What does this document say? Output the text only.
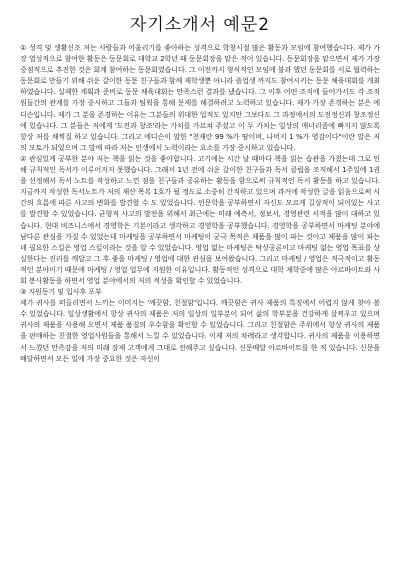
자기소개서 예문2

① 성격 및 생활신조 저는 사람들과 어울리기를 좋아하는 성격으로 학창시절 많은 활동과 모임에 참여했습니다. 제가 가장 열성적으로 참여한 활동은 동문회로 대학교 2학년 때 동문회장을 맡은 적이 있습니다. 동문회장을 맡으면서 제가 가장 중점적으로 추진한 것은 회계 참여하는 동문회였습니다. 그 이전까지 형식적인 모임에 불과 했던 동문회를 서로 협력하는 동문회로 만들기 위해 쉬운 갈이한 동문 친구들과 함께 재학생뿐 아니라 졸업생 까지도 참여시키는 동문 체육대회를 개최하였습니다. 실제한 계획과 준비로 동문 체육대회는 만족스런 결과를 냈습니다. 그 이후 어떤 조직에 들어가서도 각 조직원들간의 관계를 가장 중시하고 그들과 팀웍을 통해 문제를 해결하려고 노력하고 있습니다. 제가 가장 존경하는 분은 에디슨입니다. 제가 그 분을 존경하는 이유는 그분들의 위대한 업적도 있지만 그보다도 그 과정에서의 도전정신과 창조정신에 있습니다. 그 분들은 저에게 '도전과 창조'라는 가치를 가르쳐 주셨고 이 두 가치는 일상의 매너리즘에 빠지지 않도록 항상 저를 채찍질 하고 있습니다. 그리고 에디슨이 말한 "천재란 99 %가 땀이며, 나머지 1 %가 영감이다"이란 말은 저의 모토가 되었으며 그 말에 따라 저는 인생에서 노력이라는 요소를 가장 중시하고 있습니다.

② 관심있게 공부한 분야 저는 책을 읽는 것을 좋아합니다. 고기에는 시간 날 때마다 책을 읽는 습관을 가졌는데 그로 인해 규칙적인 독서가 이루어지지 못했습니다. 그래서 1년 전에 쉬운 갈이한 친구들과 독서 클럽을 조직해서 1주일에 1권을 선정해서 독서 노트를 작성하고 느낀 점을 친구들과 공유하는 활동을 함으로써 규칙적인 독서 활동을 하고 있습니다. 지금까지 작성한 독서노트가 저의 재산 목록 1호가 될 정도로 소중히 간직하고 있으며 과거에 작성한 글을 읽음으로써 시간의 흐름에 따른 사고의 변화를 발견할 수 도 있었습니다. 인문학을 공부하면서 자신도 모르게 길상적이 되어있는 사고를 발견할 수 있었습니다. 균형적 사고의 발전을 위해서 최근에는 미래 예측서, 정보서, 경영관련 서적을 많이 대하고 있습니다. 현대 비즈니스에서 경영학은 기본이라고 생각하고 경영학을 공부했습니다. 경영학을 공부하면서 마케팅 분야에 남다른 관심을 가질 수 있었는데 마케팅을 공부하면서 마케팅이 궁극 목적은 제품을 많이 파는 것이고 제품을 많이 파는 데 필요한 스킬은 영업 스킬이라는 것을 알 수 있었습니다. 영업 없는 마케팅은 탁상공론이고 마케팅 없는 영업 목표를 상실한다는 진리를 깨달고 그 후 좋을 마케팅 / 영업에 대한 관심을 보여왔습니다. 그리고 마케팅 / 영업은 적극적이고 활동적인 분야이기 때문에 마케팅 / 영업 업무에 지원한 이유입니다. 활동적인 성격으로 대학 재학중에 많은 아르바이트와 사회 봉사활동을 하면서 영업 분야에서의 저의 적성을 확인할 수 있었습니다.

③ 지원동기 및 입사후 포부

제가 귀사를 떠올리면서 느끼는 이미지는 '깨끗함, 친절함'입니다. 깨끗함은 귀사 제품의 특징에서 어렵지 않게 찾아 볼 수 있었습니다. 일상생활에서 항상 귀사의 제품은 저의 일상의 일부분이 되어 삶의 학부분을 건강하게 살찌우고 있으며 귀사의 제품을 사용해 오면서 제품 품질의 우수함을 확인할 수 있었습니다. 그리고 친절함은 주위에서 항상 귀사의 제품을 판매하는 친절한 영업사원들을 통해서 느낄 수 있었습니다. 이제 저의 차례라고 생각합니다. 귀사의 제품을 이용하면서 느꼈던 만족감을 저의 미래 잠재 고객에게 그대로 전해주고 싶습니다. 신문배달 아르바이트를 한 적 있습니다. 신문을 배달하면서 모든 일에 가장 중요한 것은 자신이
